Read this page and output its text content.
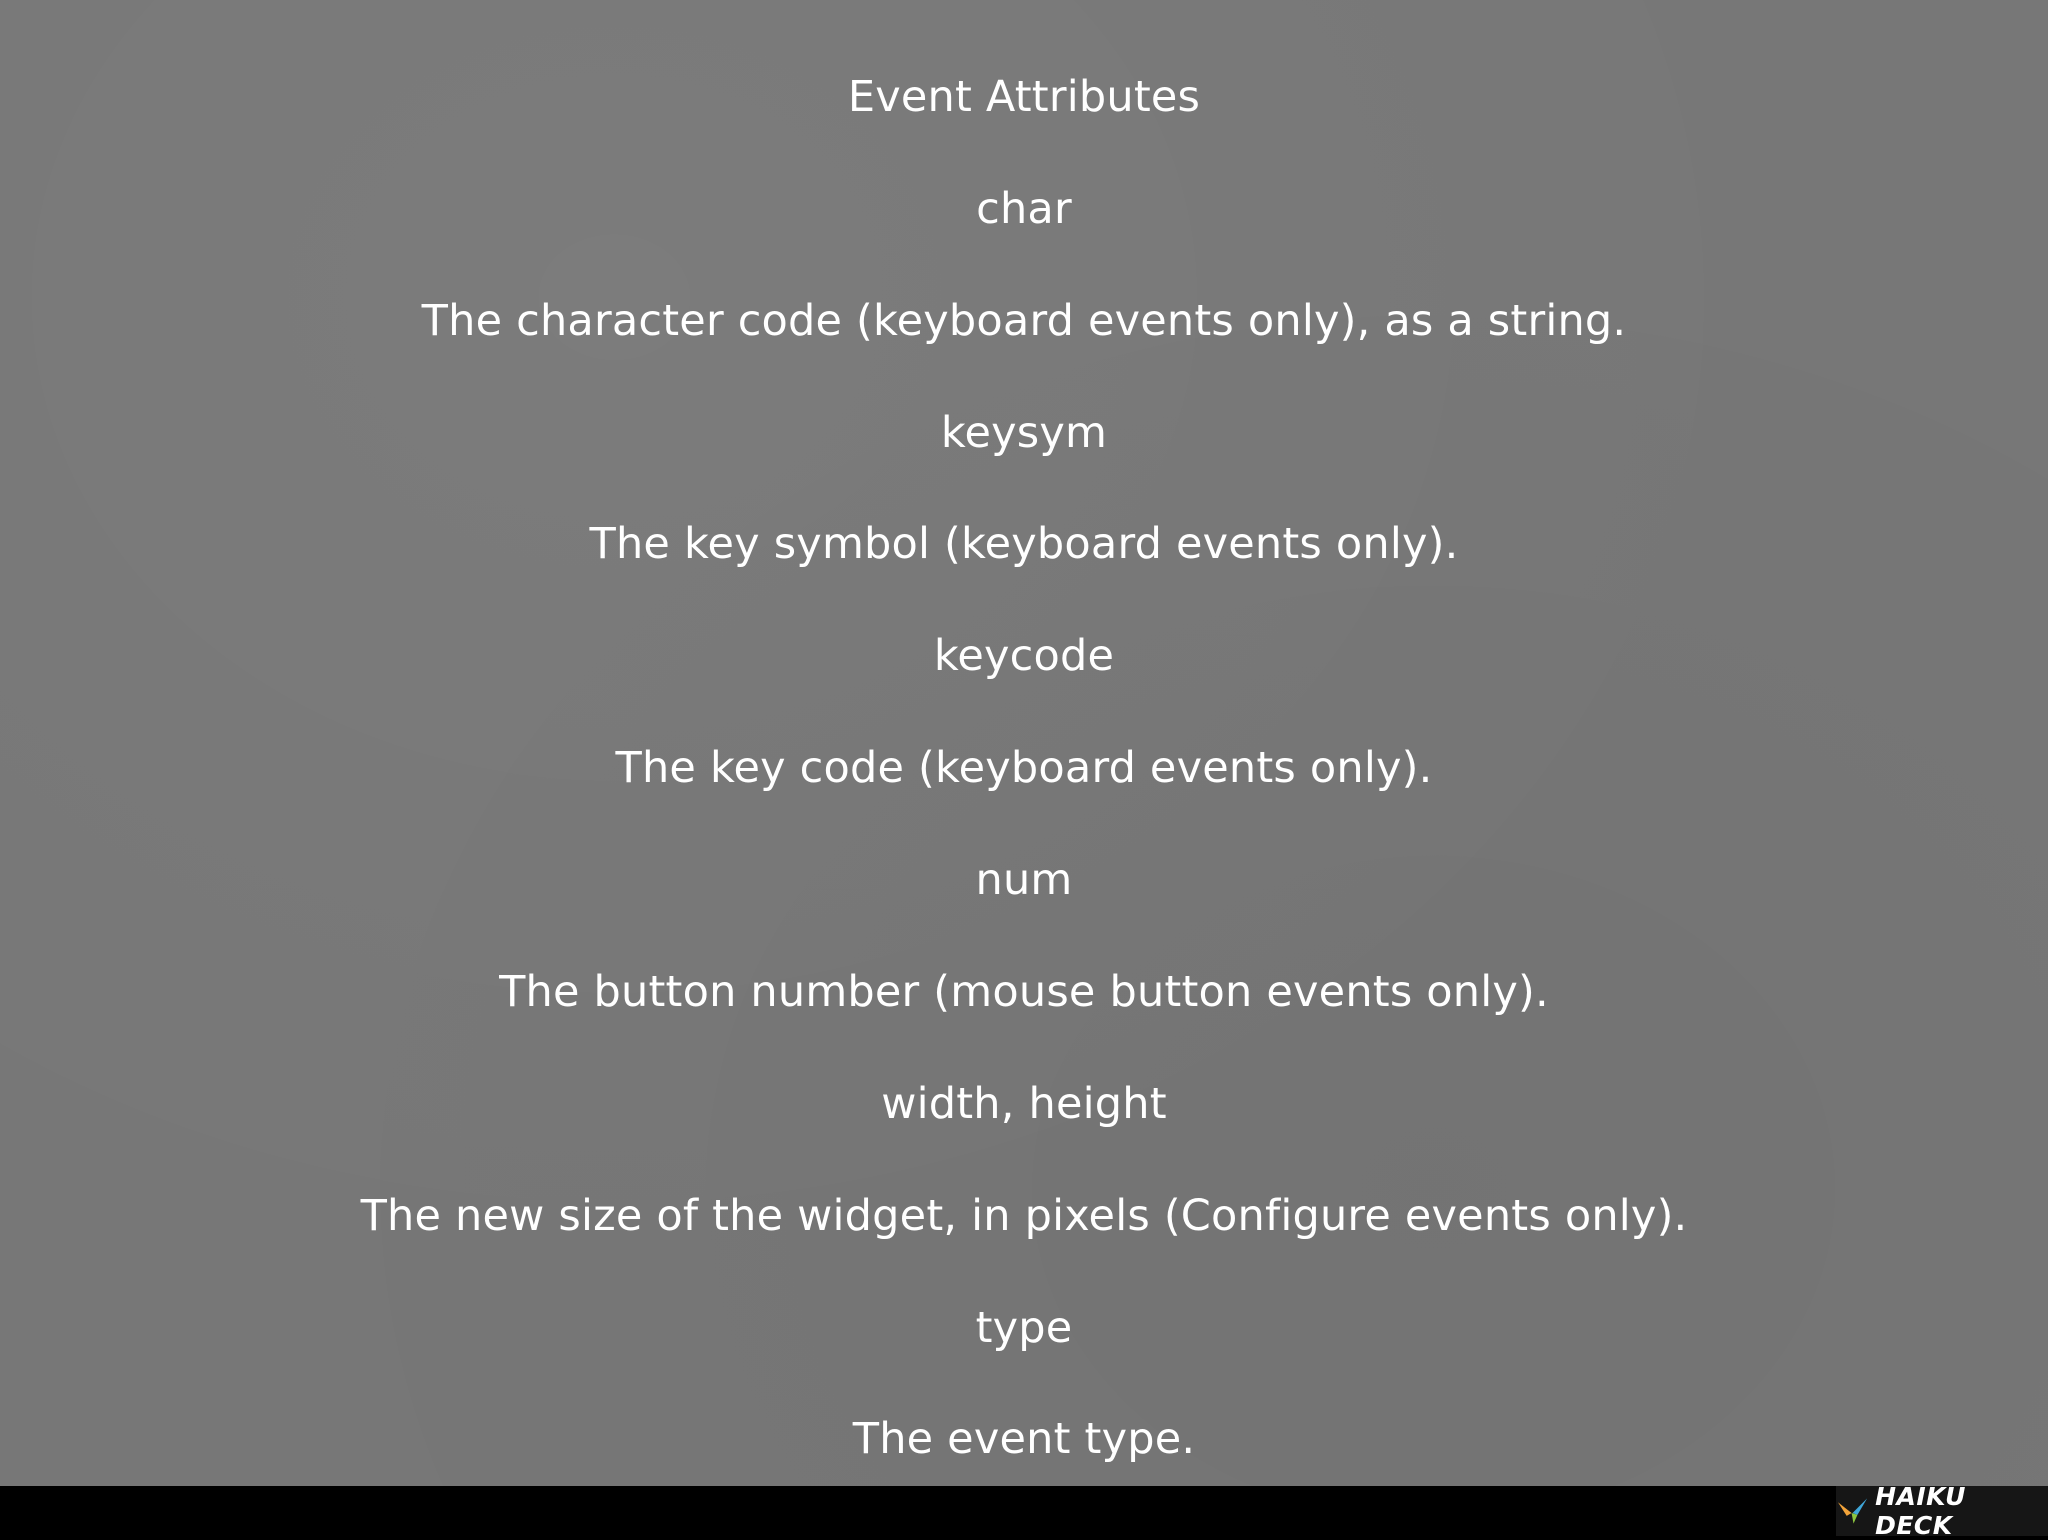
Event Attributes
char
The character code (keyboard events only), as a string.
keysym
The key symbol (keyboard events only).
keycode
The key code (keyboard events only).
num
The button number (mouse button events only).
width, height
The new size of the widget, in pixels (Configure events only).
type
The event type.
HAIKU DECK
